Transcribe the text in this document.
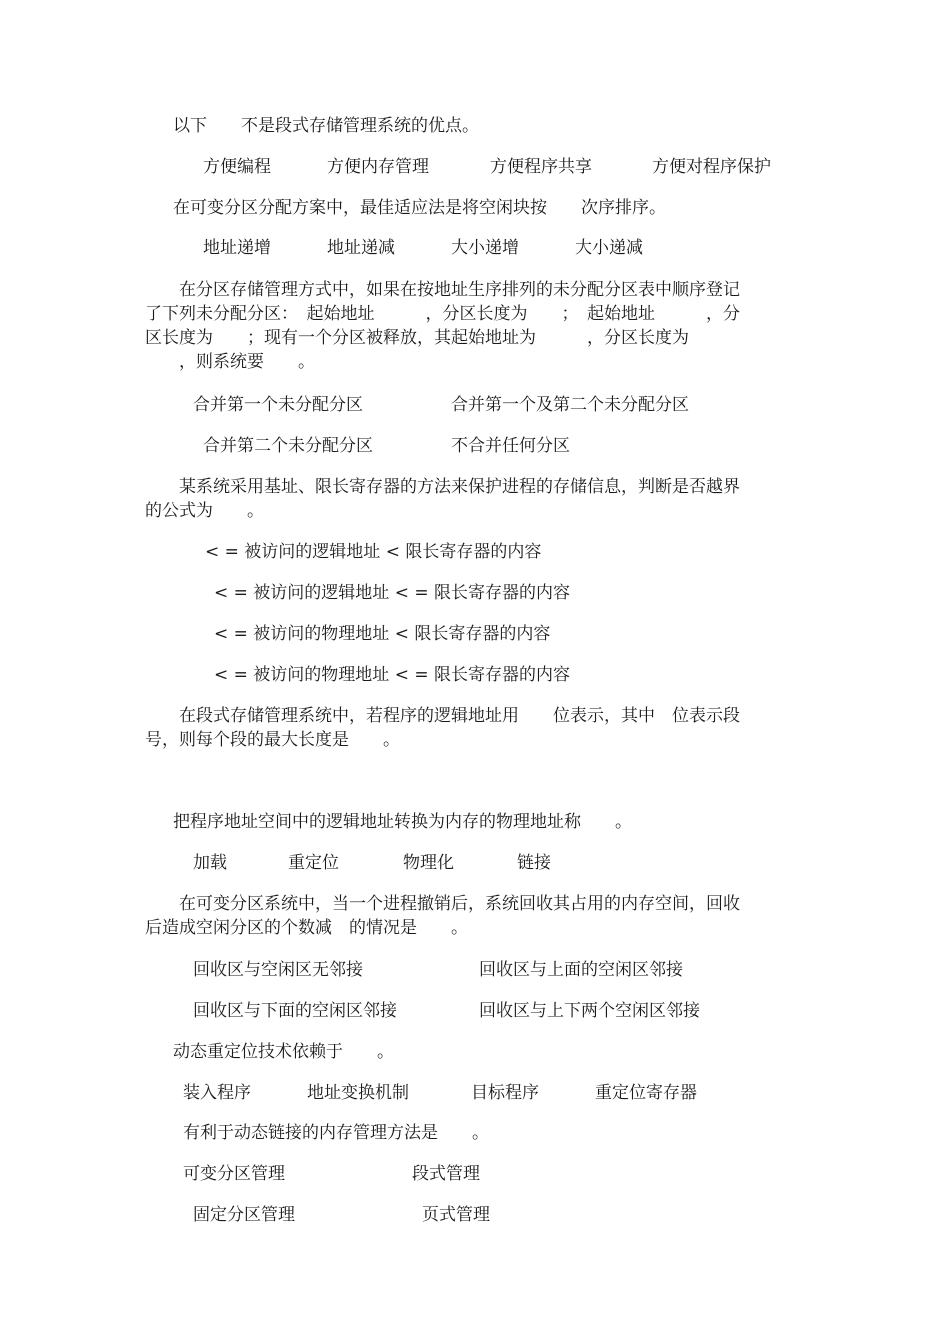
以下　　不是段式存储管理系统的优点。
方便编程	方便内存管理	方便程序共享	方便对程序保护
在可变分区分配方案中，最佳适应法是将空闲块按　　次序排序。
地址递增	地址递减	大小递增	大小递减
　　在分区存储管理方式中，如果在按地址生序排列的未分配分区表中顺序登记
了下列未分配分区：　起始地址　　　，分区长度为　　；　起始地址　　　，分
区长度为　　；现有一个分区被释放，其起始地址为　　　，分区长度为
　　，则系统要　　。
合并第一个未分配分区	合并第一个及第二个未分配分区
合并第二个未分配分区	不合并任何分区
　　某系统采用基址、限长寄存器的方法来保护进程的存储信息，判断是否越界
的公式为　　。
< = 被访问的逻辑地址 < 限长寄存器的内容
< = 被访问的逻辑地址 < = 限长寄存器的内容
< = 被访问的物理地址 < 限长寄存器的内容
< = 被访问的物理地址 < = 限长寄存器的内容
　　在段式存储管理系统中，若程序的逻辑地址用　　位表示，其中　位表示段
号，则每个段的最大长度是　　。
把程序地址空间中的逻辑地址转换为内存的物理地址称　　。
加载	重定位	物理化	链接
　　在可变分区系统中，当一个进程撤销后，系统回收其占用的内存空间，回收
后造成空闲分区的个数减　的情况是　　。
回收区与空闲区无邻接	回收区与上面的空闲区邻接
回收区与下面的空闲区邻接	回收区与上下两个空闲区邻接
动态重定位技术依赖于　　。
装入程序	地址变换机制	目标程序	重定位寄存器
有利于动态链接的内存管理方法是　　。
可变分区管理	段式管理
固定分区管理	页式管理
